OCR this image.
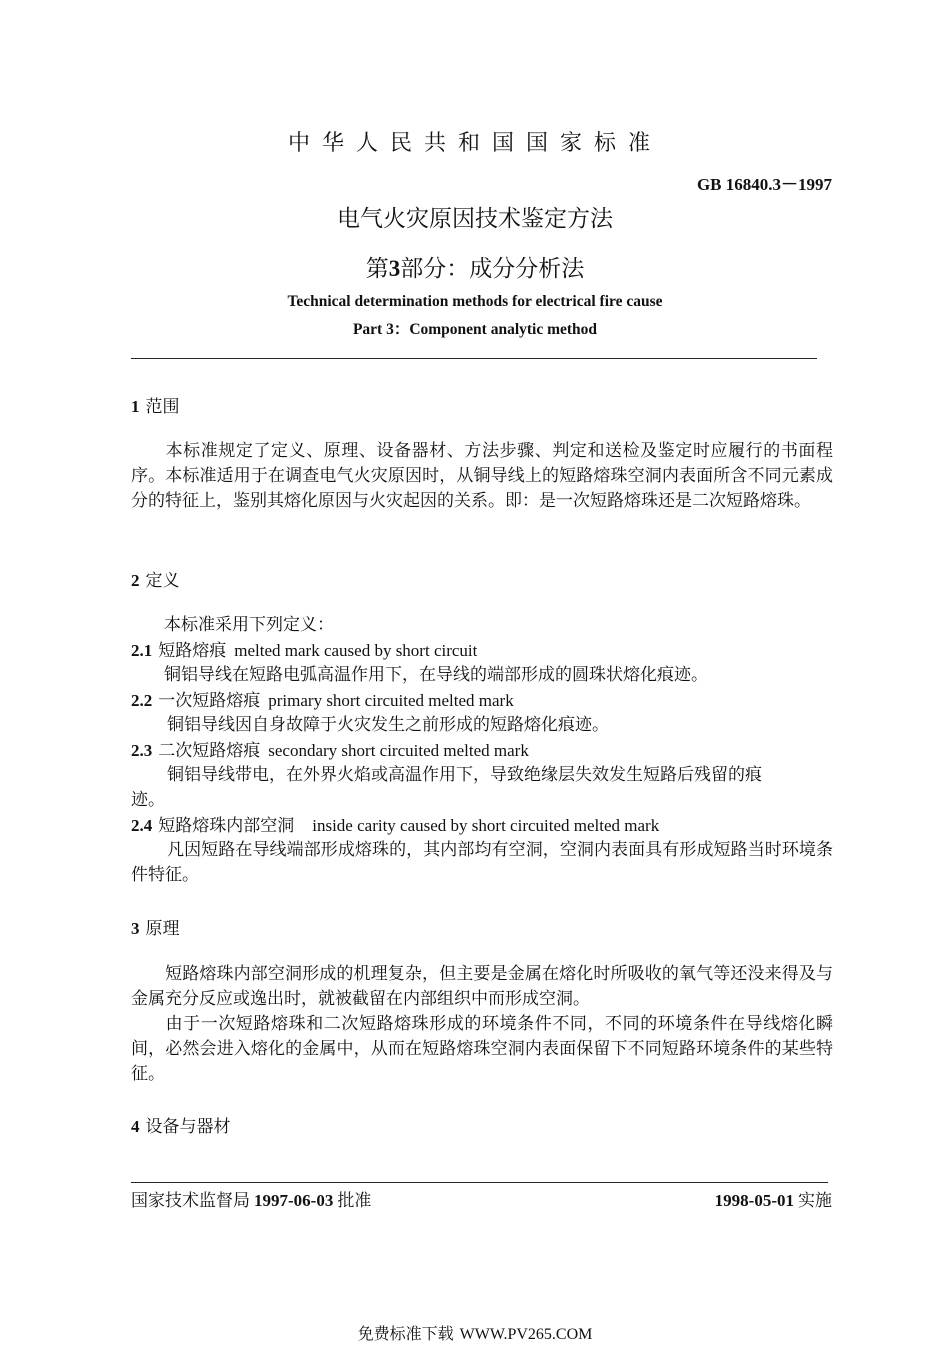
中华人民共和国国家标准
GB 16840.3－1997
电气火灾原因技术鉴定方法
第3部分：成分分析法
Technical determination methods for electrical fire cause
Part 3：Component analytic method
1 范围
本标准规定了定义、原理、设备器材、方法步骤、判定和送检及鉴定时应履行的书面程序。本标准适用于在调查电气火灾原因时，从铜导线上的短路熔珠空洞内表面所含不同元素成分的特征上，鉴别其熔化原因与火灾起因的关系。即：是一次短路熔珠还是二次短路熔珠。
2 定义
本标准采用下列定义：
2.1 短路熔痕 melted mark caused by short circuit
铜铝导线在短路电弧高温作用下，在导线的端部形成的圆珠状熔化痕迹。
2.2 一次短路熔痕 primary short circuited melted mark
铜铝导线因自身故障于火灾发生之前形成的短路熔化痕迹。
2.3 二次短路熔痕 secondary short circuited melted mark
铜铝导线带电，在外界火焰或高温作用下，导致绝缘层失效发生短路后残留的痕
迹。
2.4 短路熔珠内部空洞 inside carity caused by short circuited melted mark
凡因短路在导线端部形成熔珠的，其内部均有空洞，空洞内表面具有形成短路当时环境条件特征。
3 原理
短路熔珠内部空洞形成的机理复杂，但主要是金属在熔化时所吸收的氧气等还没来得及与金属充分反应或逸出时，就被截留在内部组织中而形成空洞。
由于一次短路熔珠和二次短路熔珠形成的环境条件不同，不同的环境条件在导线熔化瞬间，必然会进入熔化的金属中，从而在短路熔珠空洞内表面保留下不同短路环境条件的某些特征。
4 设备与器材
国家技术监督局 1997-06-03 批准	1998-05-01 实施
免费标准下载 WWW.PV265.COM
